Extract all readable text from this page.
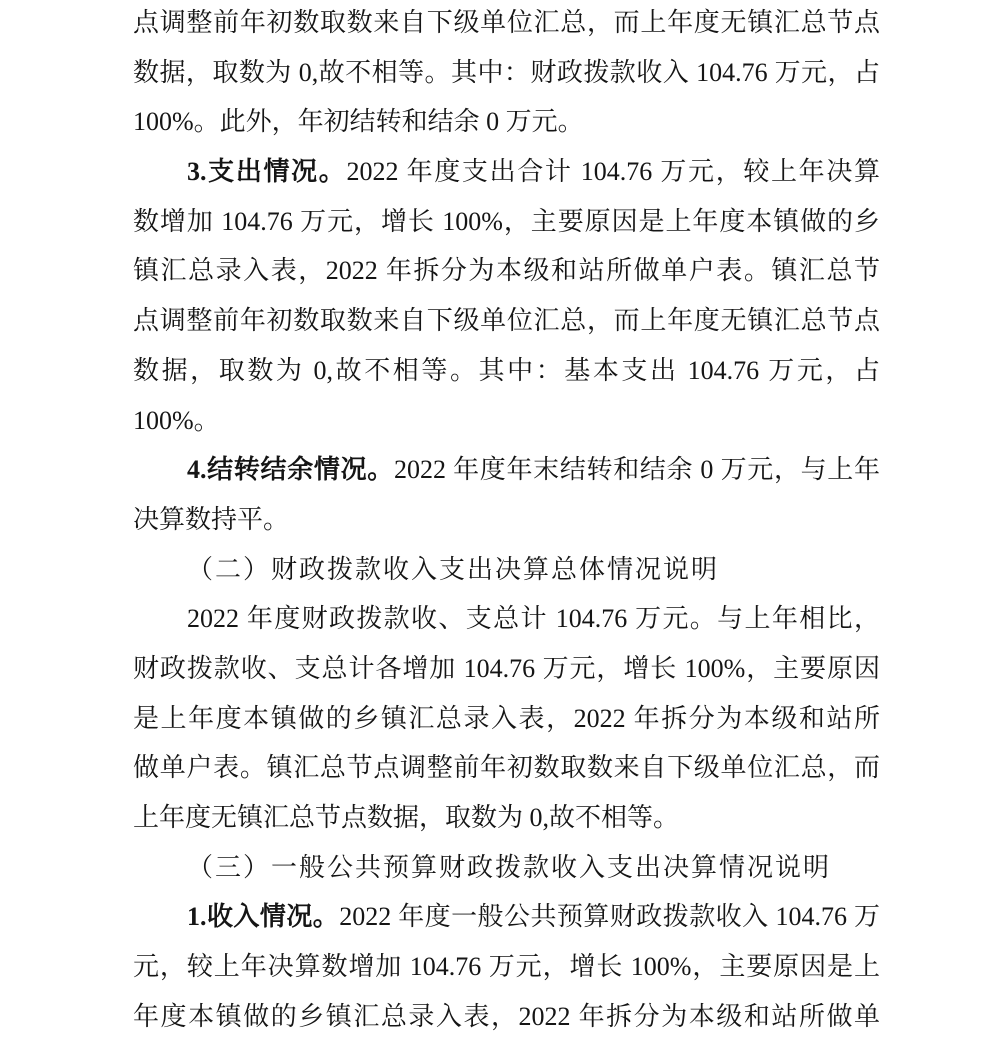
点调整前年初数取数来自下级单位汇总，而上年度无镇汇总节点
数据，取数为 0,故不相等。其中：财政拨款收入 104.76 万元，占
100%。此外，年初结转和结余 0 万元。
3.支出情况。2022 年度支出合计 104.76 万元，较上年决算
数增加 104.76 万元，增长 100%，主要原因是上年度本镇做的乡
镇汇总录入表，2022 年拆分为本级和站所做单户表。镇汇总节
点调整前年初数取数来自下级单位汇总，而上年度无镇汇总节点
数据，取数为 0,故不相等。其中：基本支出 104.76 万元，占
100%。
4.结转结余情况。2022 年度年末结转和结余 0 万元，与上年
决算数持平。
（二）财政拨款收入支出决算总体情况说明
2022 年度财政拨款收、支总计 104.76 万元。与上年相比，
财政拨款收、支总计各增加 104.76 万元，增长 100%，主要原因
是上年度本镇做的乡镇汇总录入表，2022 年拆分为本级和站所
做单户表。镇汇总节点调整前年初数取数来自下级单位汇总，而
上年度无镇汇总节点数据，取数为 0,故不相等。
（三）一般公共预算财政拨款收入支出决算情况说明
1.收入情况。2022 年度一般公共预算财政拨款收入 104.76 万
元，较上年决算数增加 104.76 万元，增长 100%，主要原因是上
年度本镇做的乡镇汇总录入表，2022 年拆分为本级和站所做单
